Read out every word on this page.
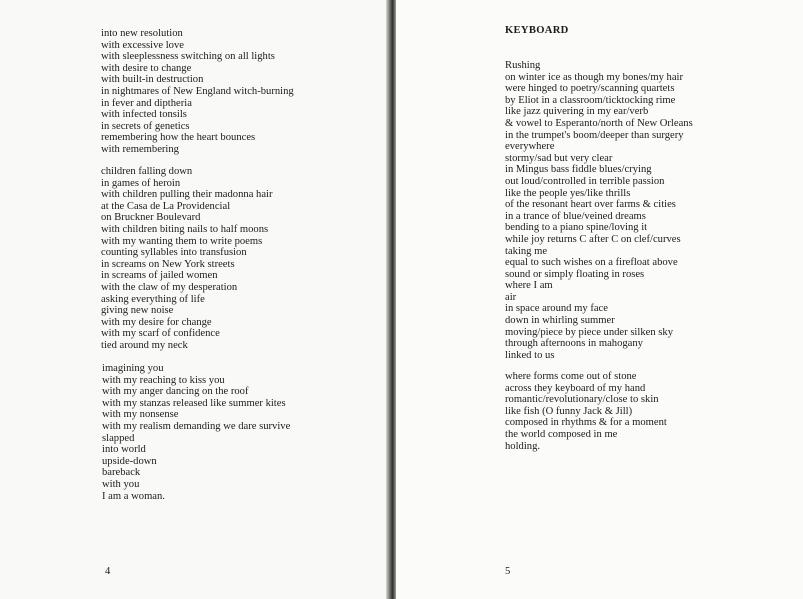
into new resolution
with excessive love
with sleeplessness switching on all lights
with desire to change
with built-in destruction
in nightmares of New England witch-burning
in fever and diptheria
with infected tonsils
in secrets of genetics
remembering how the heart bounces
with remembering
children falling down
in games of heroin
with children pulling their madonna hair
at the Casa de La Providencial
on Bruckner Boulevard
with children biting nails to half moons
with my wanting them to write poems
counting syllables into transfusion
in screams on New York streets
in screams of jailed women
with the claw of my desperation
asking everything of life
giving new noise
with my desire for change
with my scarf of confidence
tied around my neck
imagining you
with my reaching to kiss you
with my anger dancing on the roof
with my stanzas released like summer kites
with my nonsense
with my realism demanding we dare survive
slapped
into world
upside-down
bareback
with you
I am a woman.

4

KEYBOARD
Rushing
on winter ice as though my bones/my hair
were hinged to poetry/scanning quartets
by Eliot in a classroom/ticktocking rime
like jazz quivering in my ear/verb
& vowel to Esperanto/north of New Orleans
in the trumpet's boom/deeper than surgery
everywhere
stormy/sad but very clear
in Mingus bass fiddle blues/crying
out loud/controlled in terrible passion
like the people yes/like thrills
of the resonant heart over farms & cities
in a trance of blue/veined dreams
bending to a piano spine/loving it
while joy returns C after C on clef/curves
taking me
equal to such wishes on a firefloat above
sound or simply floating in roses
where I am
air
in space around my face
down in whirling summer
moving/piece by piece under silken sky
through afternoons in mahogany
linked to us
where forms come out of stone
across they keyboard of my hand
romantic/revolutionary/close to skin
like fish (O funny Jack & Jill)
composed in rhythms & for a moment
the world composed in me
holding.

5
